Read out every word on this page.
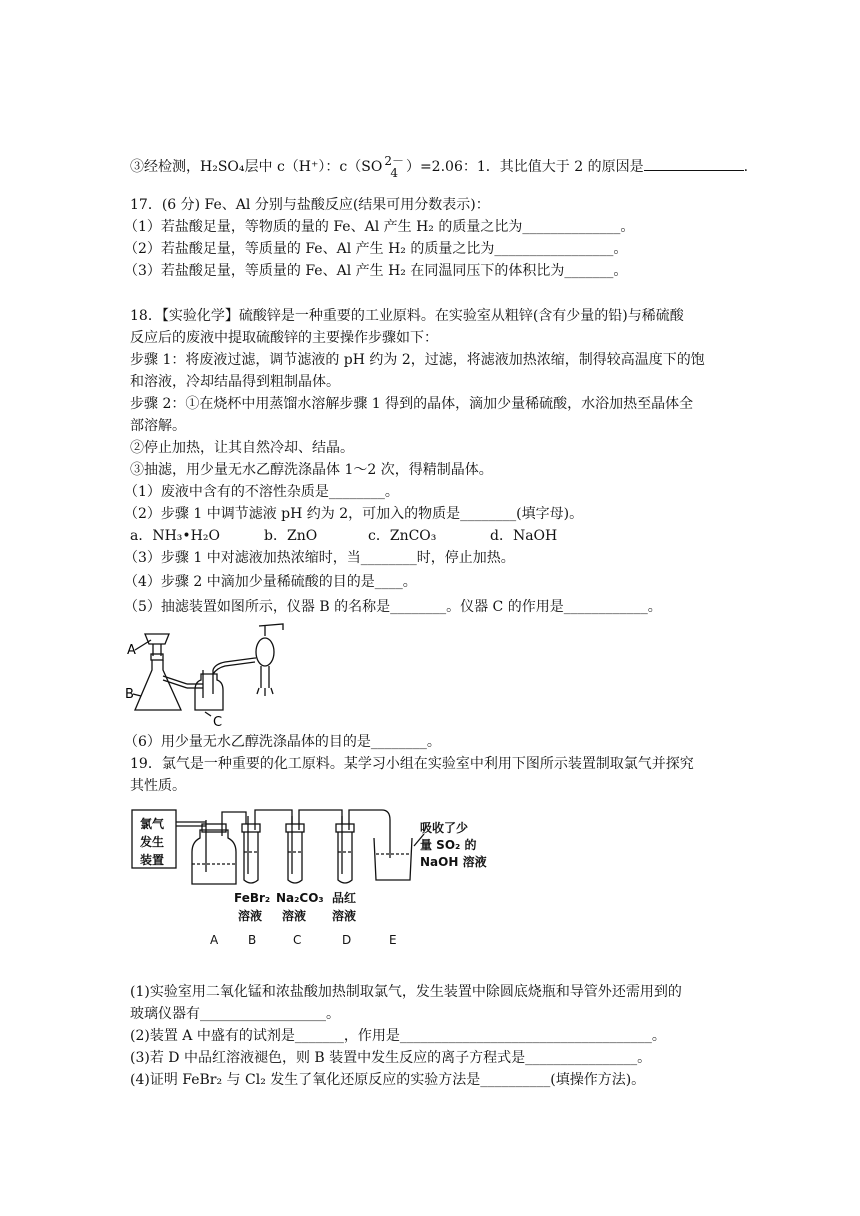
③经检测，H₂SO₄层中 c（H⁺）：c（SO 2－
4 ）=2.06：1．其比值大于 2 的原因是	.
17．(6 分) Fe、Al 分别与盐酸反应(结果可用分数表示)：
（1）若盐酸足量，等物质的量的 Fe、Al 产生 H₂ 的质量之比为______________。
（2）若盐酸足量，等质量的 Fe、Al 产生 H₂ 的质量之比为_________________。
（3）若盐酸足量，等质量的 Fe、Al 产生 H₂ 在同温同压下的体积比为_______。
18．【实验化学】硫酸锌是一种重要的工业原料。在实验室从粗锌(含有少量的铅)与稀硫酸
反应后的废液中提取硫酸锌的主要操作步骤如下：
步骤 1：将废液过滤，调节滤液的 pH 约为 2，过滤，将滤液加热浓缩，制得较高温度下的饱
和溶液，冷却结晶得到粗制晶体。
步骤 2：①在烧杯中用蒸馏水溶解步骤 1 得到的晶体，滴加少量稀硫酸，水浴加热至晶体全
部溶解。
②停止加热，让其自然冷却、结晶。
③抽滤，用少量无水乙醇洗涤晶体 1～2 次，得精制晶体。
（1）废液中含有的不溶性杂质是________。
（2）步骤 1 中调节滤液 pH 约为 2，可加入的物质是________(填字母)。
a．NH₃•H₂O	b．ZnO	c．ZnCO₃	d．NaOH
（3）步骤 1 中对滤液加热浓缩时，当________时，停止加热。
（4）步骤 2 中滴加少量稀硫酸的目的是____。
（5）抽滤装置如图所示，仪器 B 的名称是________。仪器 C 的作用是____________。
A
B
C
（6）用少量无水乙醇洗涤晶体的目的是________。
19．氯气是一种重要的化工原料。某学习小组在实验室中利用下图所示装置制取氯气并探究
其性质。
氯气
发生
装置
吸收了少
量 SO₂ 的
NaOH 溶液
FeBr₂
溶液
Na₂CO₃
溶液
品红
溶液
A B	C	D	E
(1)实验室用二氧化锰和浓盐酸加热制取氯气，发生装置中除圆底烧瓶和导管外还需用到的
玻璃仪器有__________________。
(2)装置 A 中盛有的试剂是_______，作用是____________________________________。
(3)若 D 中品红溶液褪色，则 B 装置中发生反应的离子方程式是________________。
(4)证明 FeBr₂ 与 Cl₂ 发生了氧化还原反应的实验方法是__________(填操作方法)。
